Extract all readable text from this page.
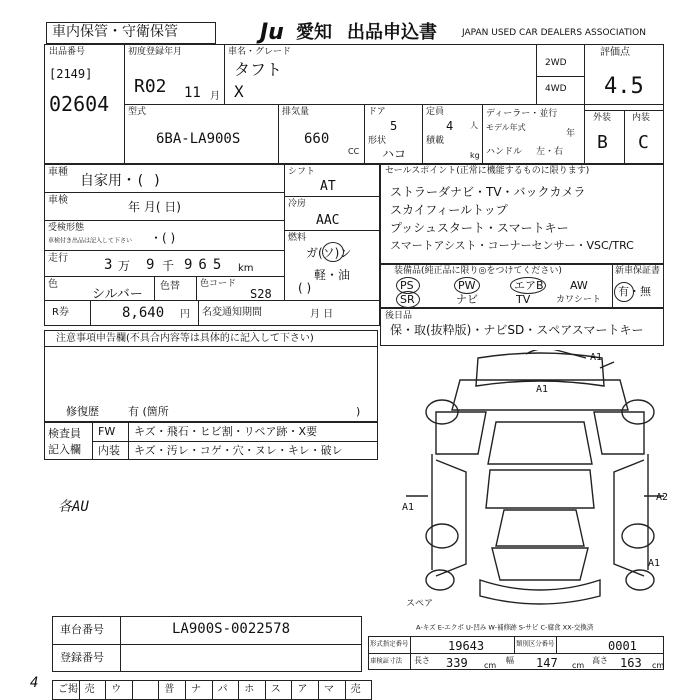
車内保管・守衛保管	Ju 愛知 出品申込書	JAPAN USED CAR DEALERS ASSOCIATION
出品番号
[2149]
02604
初度登録年月
R02 11 月
車名・グレード
タフト
X
2WD
4WD
評価点
4.5
外装 内装
B C
型式
6BA-LA900S
排気量
660
CC
ドア
5
形状
ハコ
定員
4 人
積載
kg
ディーラー・並行
モデル年式
年
ハンドル 左・右
車種
自家用・( )
車検	年 月( 日)
受検形態
車検付き出品は記入して下さい ・( )
走行	3 万 9 千 965 km
色
シルバー
色替 色コード
S28
R券	8,640 円 名変通知期間	月 日
シフト
AT
冷房
AAC
燃料
ガ(ソ)ン
軽・油
( )
セールスポイント(正常に機能するものに限ります)
ストラーダナビ・TV・バックカメラ
スカイフィールトップ
プッシュスタート・スマートキー
スマートアシスト・コーナーセンサー・VSC/TRC
装備品(純正品に限り◎をつけてください)
PS	PW	エアB AW
SR	ナビ	TV	カワシート
新車保証書
有・無
後日品
保・取(抜粋版)・ナビSD・スペアスマートキー
注意事項申告欄(不具合内容等は具体的に記入して下さい)
修復歴	有 (箇所	)
検査員
記入欄
FW キズ・飛石・ヒビ割・リペア跡・X要
内装 キズ・汚レ・コゲ・穴・ヌレ・キレ・破レ
各AU
A1
A1
A1
A2
A1
スペア
A-キズ E-エクボ U-凹み W-補修跡 S-サビ C-腐食 XX-交換済
車台番号	LA900S-0022578
登録番号
形式指定番号	19643	類別区分番号	0001
車検証寸法 長さ 339 cm
幅 147 cm
高さ 163 cm
ご掲 売 ウ	普 ナ パ ホ ス ア マ 売
4
